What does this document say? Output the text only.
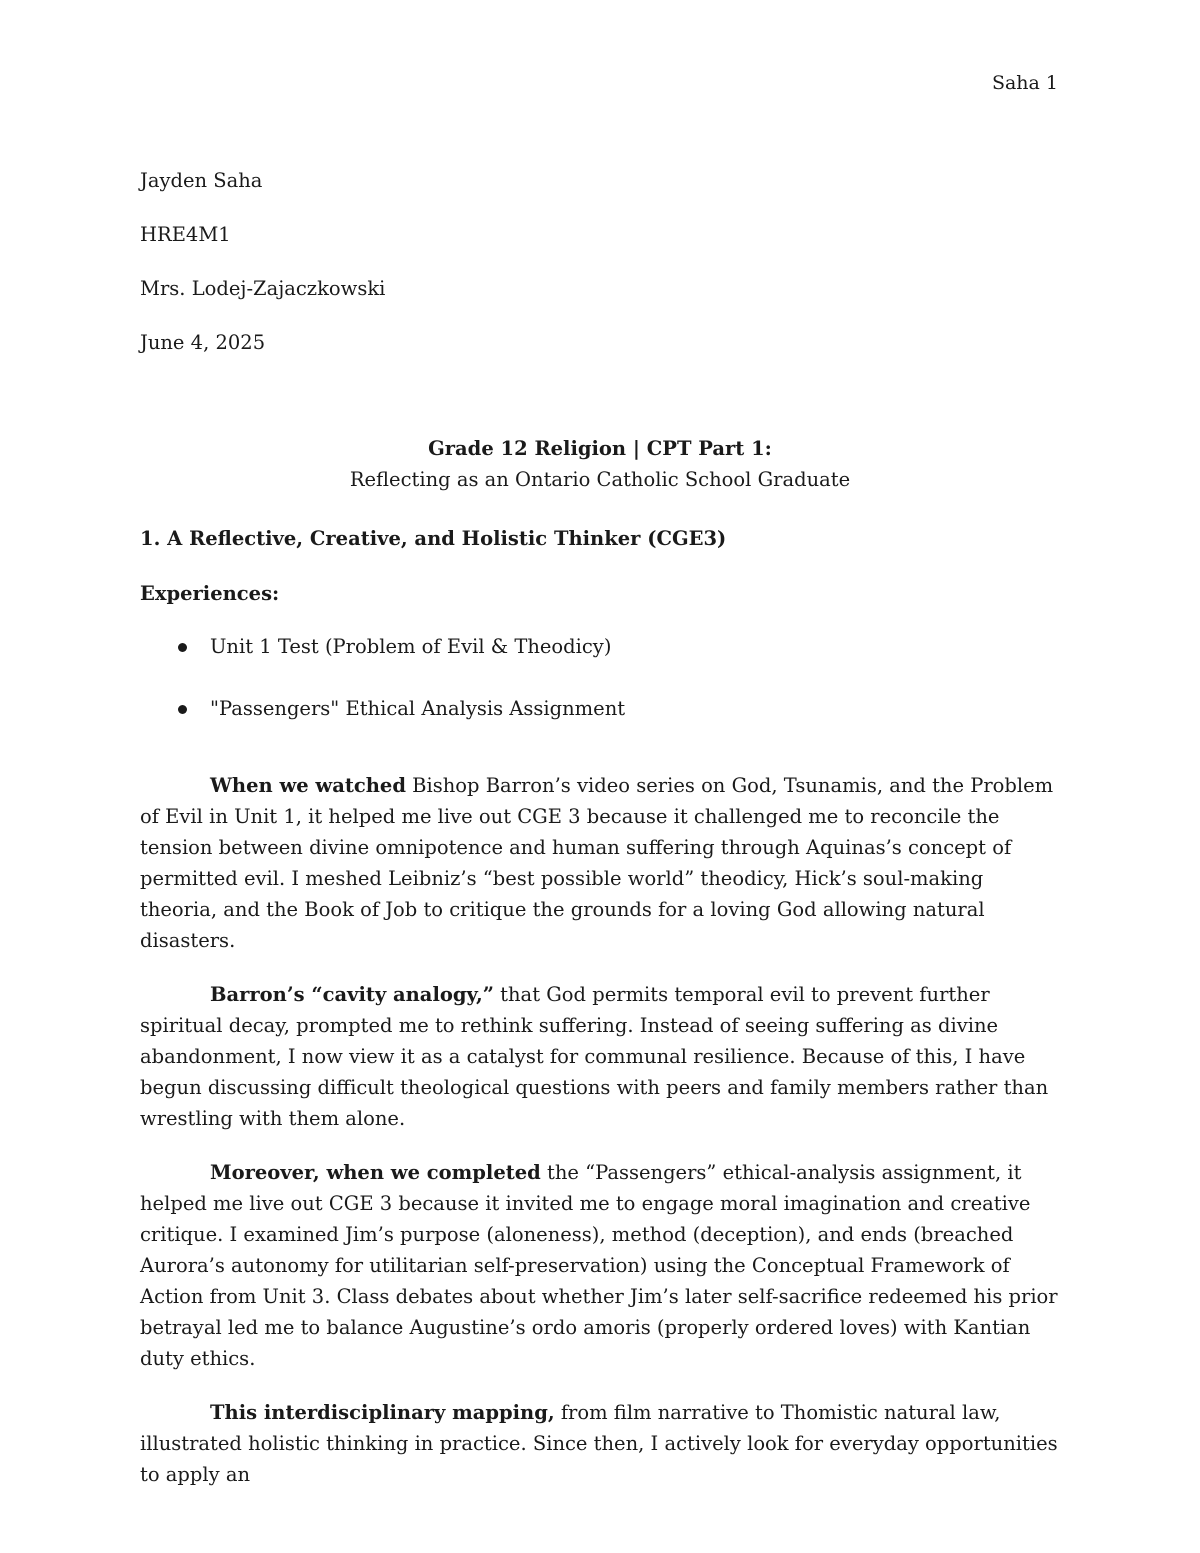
Saha 1
Jayden Saha
HRE4M1
Mrs. Lodej-Zajaczkowski
June 4, 2025

Grade 12 Religion | CPT Part 1:

Reflecting as an Ontario Catholic School Graduate

1. A Reflective, Creative, and Holistic Thinker (CGE3)
Experiences:
Unit 1 Test (Problem of Evil & Theodicy)
"Passengers" Ethical Analysis Assignment

When we watched Bishop Barron’s video series on God, Tsunamis, and the Problem of Evil in Unit 1, it helped me live out CGE 3 because it challenged me to reconcile the tension between divine omnipotence and human suffering through Aquinas’s concept of permitted evil. I meshed Leibniz’s “best possible world” theodicy, Hick’s soul-making theoria, and the Book of Job to critique the grounds for a loving God allowing natural disasters.

Barron’s “cavity analogy,” that God permits temporal evil to prevent further spiritual decay, prompted me to rethink suffering. Instead of seeing suffering as divine abandonment, I now view it as a catalyst for communal resilience. Because of this, I have begun discussing difficult theological questions with peers and family members rather than wrestling with them alone.

Moreover, when we completed the “Passengers” ethical-analysis assignment, it helped me live out CGE 3 because it invited me to engage moral imagination and creative critique. I examined Jim’s purpose (aloneness), method (deception), and ends (breached Aurora’s autonomy for utilitarian self-preservation) using the Conceptual Framework of Action from Unit 3. Class debates about whether Jim’s later self-sacrifice redeemed his prior betrayal led me to balance Augustine’s ordo amoris (properly ordered loves) with Kantian duty ethics.

This interdisciplinary mapping, from film narrative to Thomistic natural law, illustrated holistic thinking in practice. Since then, I actively look for everyday opportunities to apply an
